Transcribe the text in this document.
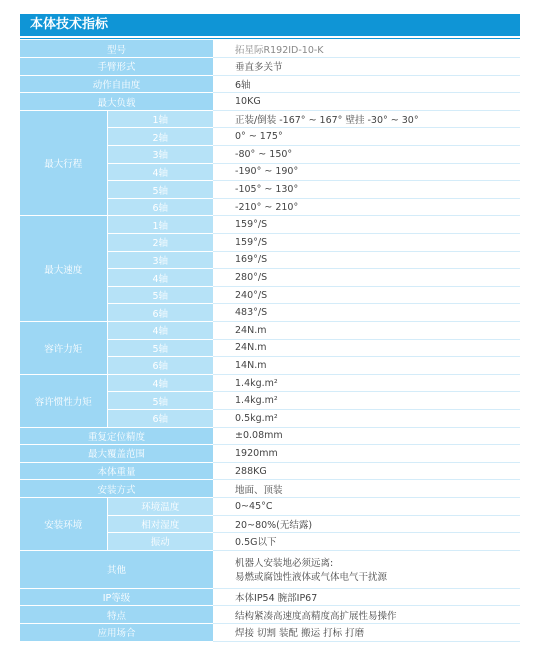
本体技术指标
型号		拓星际R192ID-10-K
手臂形式		垂直多关节
动作自由度		6轴
最大负载		10KG
最大行程	1轴	正装/倒装 -167° ~ 167° 壁挂 -30° ~ 30°
	2轴	0° ~ 175°
	3轴	-80° ~ 150°
	4轴	-190° ~ 190°
	5轴	-105° ~ 130°
	6轴	-210° ~ 210°
最大速度	1轴	159°/S
	2轴	159°/S
	3轴	169°/S
	4轴	280°/S
	5轴	240°/S
	6轴	483°/S
容许力矩	4轴	24N.m
	5轴	24N.m
	6轴	14N.m
容许惯性力矩	4轴	1.4kg.m²
	5轴	1.4kg.m²
	6轴	0.5kg.m²
重复定位精度		±0.08mm
最大覆盖范围		1920mm
本体重量		288KG
安装方式		地面、顶装
安装环境	环境温度	0~45°C
	相对湿度	20~80%(无结露)
	振动	0.5G以下
其他		机器人安装地必须远离:
易燃或腐蚀性液体或气体电气干扰源

IP等级		本体IP54 腕部IP67
特点		结构紧凑高速度高精度高扩展性易操作
应用场合		焊接 切割 装配 搬运 打标 打磨
